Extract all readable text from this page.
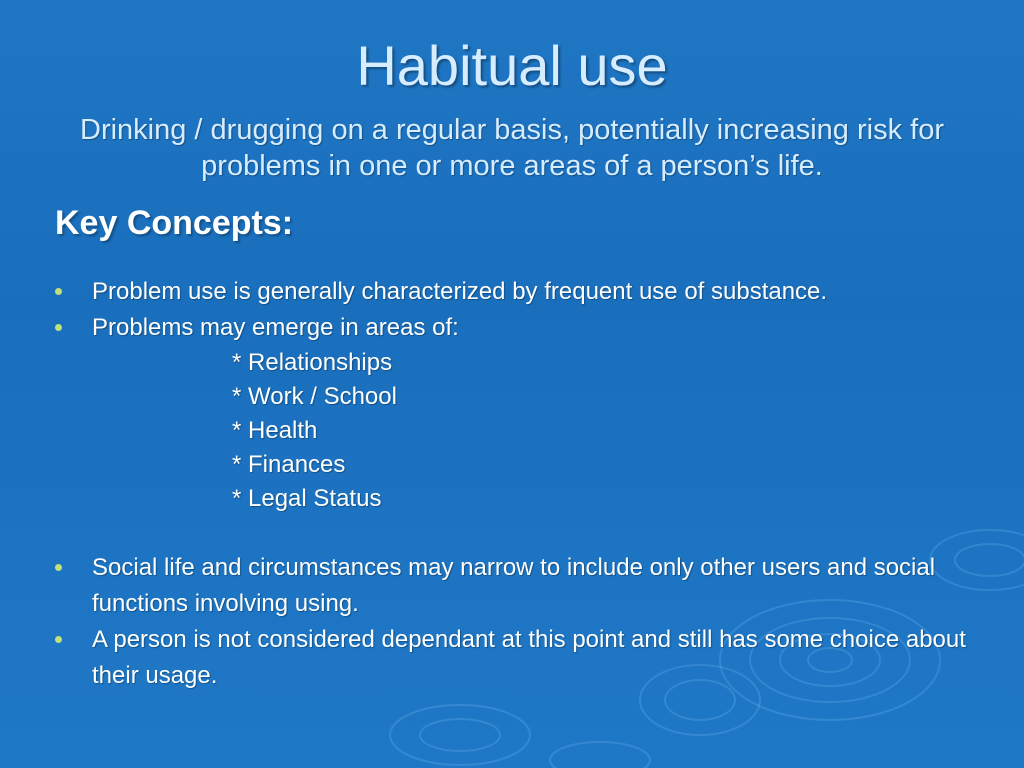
Habitual use
Drinking / drugging on a regular basis, potentially increasing risk for problems in one or more areas of a person’s life.
Key Concepts:
Problem use is generally characterized by frequent use of substance.
Problems may emerge in areas of:
* Relationships
* Work / School
* Health
* Finances
* Legal Status
Social life and circumstances may narrow to include only other users and social functions involving using.
A person is not considered dependant at this point and still has some choice about their usage.
